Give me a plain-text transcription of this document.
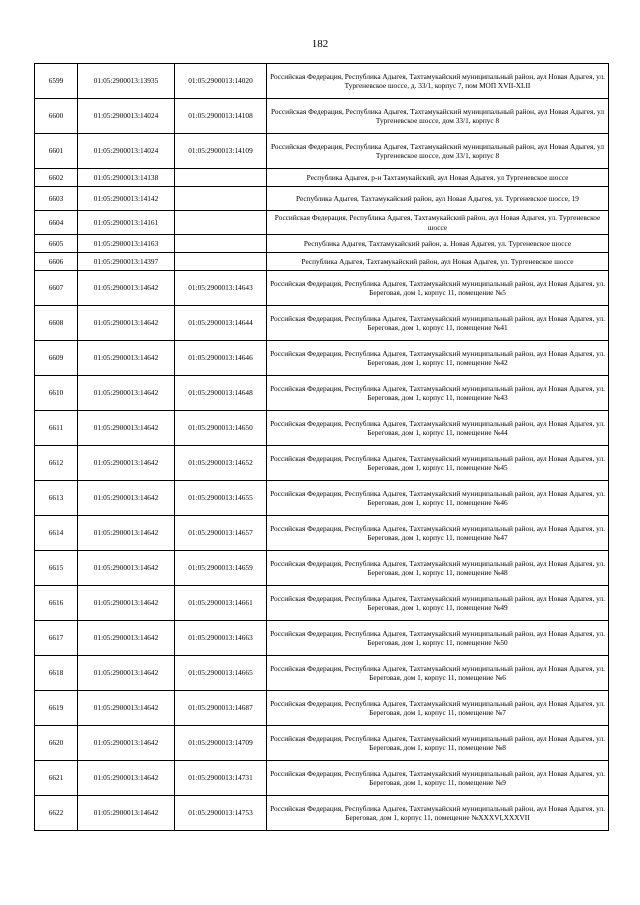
182
6599	01:05:2900013:13935	01:05:2900013:14020	Российская Федерация, Республика Адыгея, Тахтамукайский муниципальный район, аул Новая Адыгея, ул. Тургеневское шоссе, д. 33/1, корпус 7, пом МОП XVII-XLII
6600	01:05:2900013:14024	01:05:2900013:14108	Российская Федерация, Республика Адыгея, Тахтамукайский муниципальный район, аул Новая Адыгея, ул Тургеневское шоссе, дом 33/1, корпус 8
6601	01:05:2900013:14024	01:05:2900013:14109	Российская Федерация, Республика Адыгея, Тахтамукайский муниципальный район, аул Новая Адыгея, ул Тургеневское шоссе, дом 33/1, корпус 8
6602	01:05:2900013:14138		Республика Адыгея, р-н Тахтамукайский, аул Новая Адыгея, ул Тургеневское шоссе
6603	01:05:2900013:14142		Республика Адыгея, Тахтамукайский район, аул Новая Адыгея, ул. Тургеневское шоссе, 19
6604	01:05:2900013:14161		Российская Федерация, Республика Адыгея, Тахтамукайский район, аул Новая Адыгея, ул. Тургеневское шоссе
6605	01:05:2900013:14163		Республика Адыгея, Тахтамукайский район, а. Новая Адыгея, ул. Тургеневское шоссе
6606	01:05:2900013:14397		Республика Адыгея, Тахтамукайский район, аул Новая Адыгея, ул. Тургеневское шоссе
6607	01:05:2900013:14642	01:05:2900013:14643	Российская Федерация, Республика Адыгея, Тахтамукайский муниципальный район, аул Новая Адыгея, ул. Береговая, дом 1, корпус 11, помещение №5
6608	01:05:2900013:14642	01:05:2900013:14644	Российская Федерация, Республика Адыгея, Тахтамукайский муниципальный район, аул Новая Адыгея, ул. Береговая, дом 1, корпус 11, помещение №41
6609	01:05:2900013:14642	01:05:2900013:14646	Российская Федерация, Республика Адыгея, Тахтамукайский муниципальный район, аул Новая Адыгея, ул. Береговая, дом 1, корпус 11, помещение №42
6610	01:05:2900013:14642	01:05:2900013:14648	Российская Федерация, Республика Адыгея, Тахтамукайский муниципальный район, аул Новая Адыгея, ул. Береговая, дом 1, корпус 11, помещение №43
6611	01:05:2900013:14642	01:05:2900013:14650	Российская Федерация, Республика Адыгея, Тахтамукайский муниципальный район, аул Новая Адыгея, ул. Береговая, дом 1, корпус 11, помещение №44
6612	01:05:2900013:14642	01:05:2900013:14652	Российская Федерация, Республика Адыгея, Тахтамукайский муниципальный район, аул Новая Адыгея, ул. Береговая, дом 1, корпус 11, помещение №45
6613	01:05:2900013:14642	01:05:2900013:14655	Российская Федерация, Республика Адыгея, Тахтамукайский муниципальный район, аул Новая Адыгея, ул. Береговая, дом 1, корпус 11, помещение №46
6614	01:05:2900013:14642	01:05:2900013:14657	Российская Федерация, Республика Адыгея, Тахтамукайский муниципальный район, аул Новая Адыгея, ул. Береговая, дом 1, корпус 11, помещение №47
6615	01:05:2900013:14642	01:05:2900013:14659	Российская Федерация, Республика Адыгея, Тахтамукайский муниципальный район, аул Новая Адыгея, ул. Береговая, дом 1, корпус 11, помещение №48
6616	01:05:2900013:14642	01:05:2900013:14661	Российская Федерация, Республика Адыгея, Тахтамукайский муниципальный район, аул Новая Адыгея, ул. Береговая, дом 1, корпус 11, помещение №49
6617	01:05:2900013:14642	01:05:2900013:14663	Российская Федерация, Республика Адыгея, Тахтамукайский муниципальный район, аул Новая Адыгея, ул. Береговая, дом 1, корпус 11, помещение №50
6618	01:05:2900013:14642	01:05:2900013:14665	Российская Федерация, Республика Адыгея, Тахтамукайский муниципальный район, аул Новая Адыгея, ул. Береговая, дом 1, корпус 11, помещение №6
6619	01:05:2900013:14642	01:05:2900013:14687	Российская Федерация, Республика Адыгея, Тахтамукайский муниципальный район, аул Новая Адыгея, ул. Береговая, дом 1, корпус 11, помещение №7
6620	01:05:2900013:14642	01:05:2900013:14709	Российская Федерация, Республика Адыгея, Тахтамукайский муниципальный район, аул Новая Адыгея, ул. Береговая, дом 1, корпус 11, помещение №8
6621	01:05:2900013:14642	01:05:2900013:14731	Российская Федерация, Республика Адыгея, Тахтамукайский муниципальный район, аул Новая Адыгея, ул. Береговая, дом 1, корпус 11, помещение №9
6622	01:05:2900013:14642	01:05:2900013:14753	Российская Федерация, Республика Адыгея, Тахтамукайский муниципальный район, аул Новая Адыгея, ул. Береговая, дом 1, корпус 11, помещение №XXXVI,XXXVII
